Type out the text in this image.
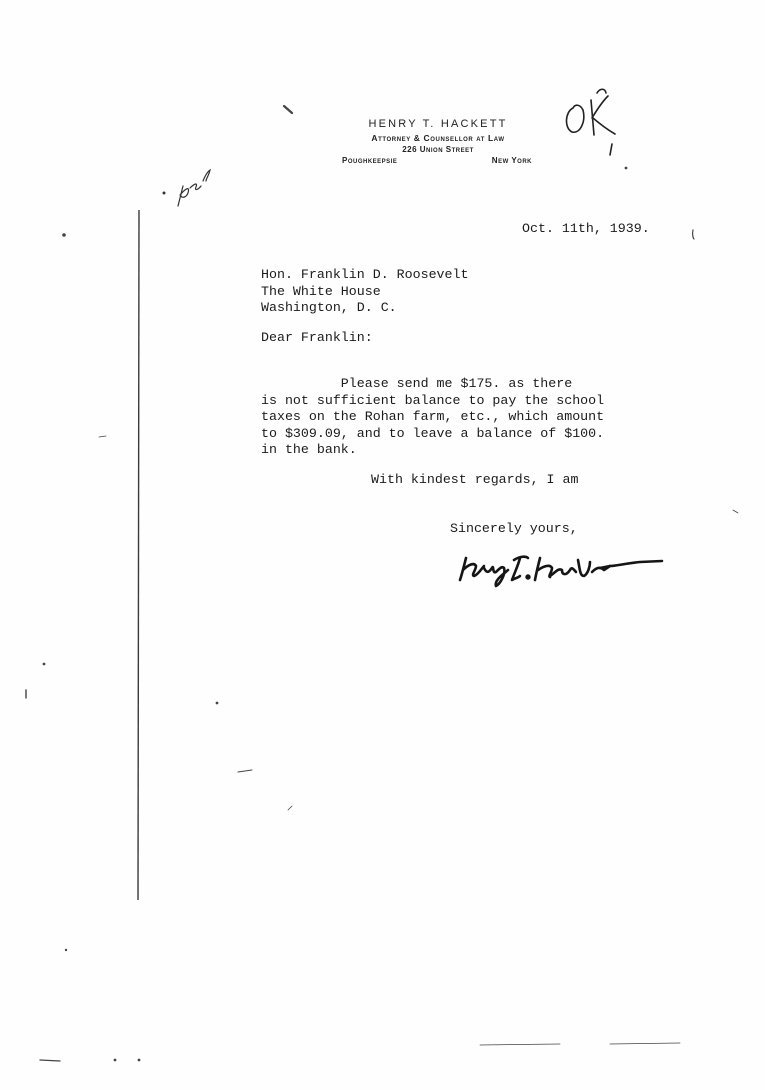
HENRY T. HACKETT
Attorney & Counsellor at Law
226 Union Street
Poughkeepsie	New York
Oct. 11th, 1939.
Hon. Franklin D. Roosevelt
The White House
Washington, D. C.
Dear Franklin:
Please send me $175. as there
is not sufficient balance to pay the school
taxes on the Rohan farm, etc., which amount
to $309.09, and to leave a balance of $100.
in the bank.
With kindest regards, I am
Sincerely yours,
